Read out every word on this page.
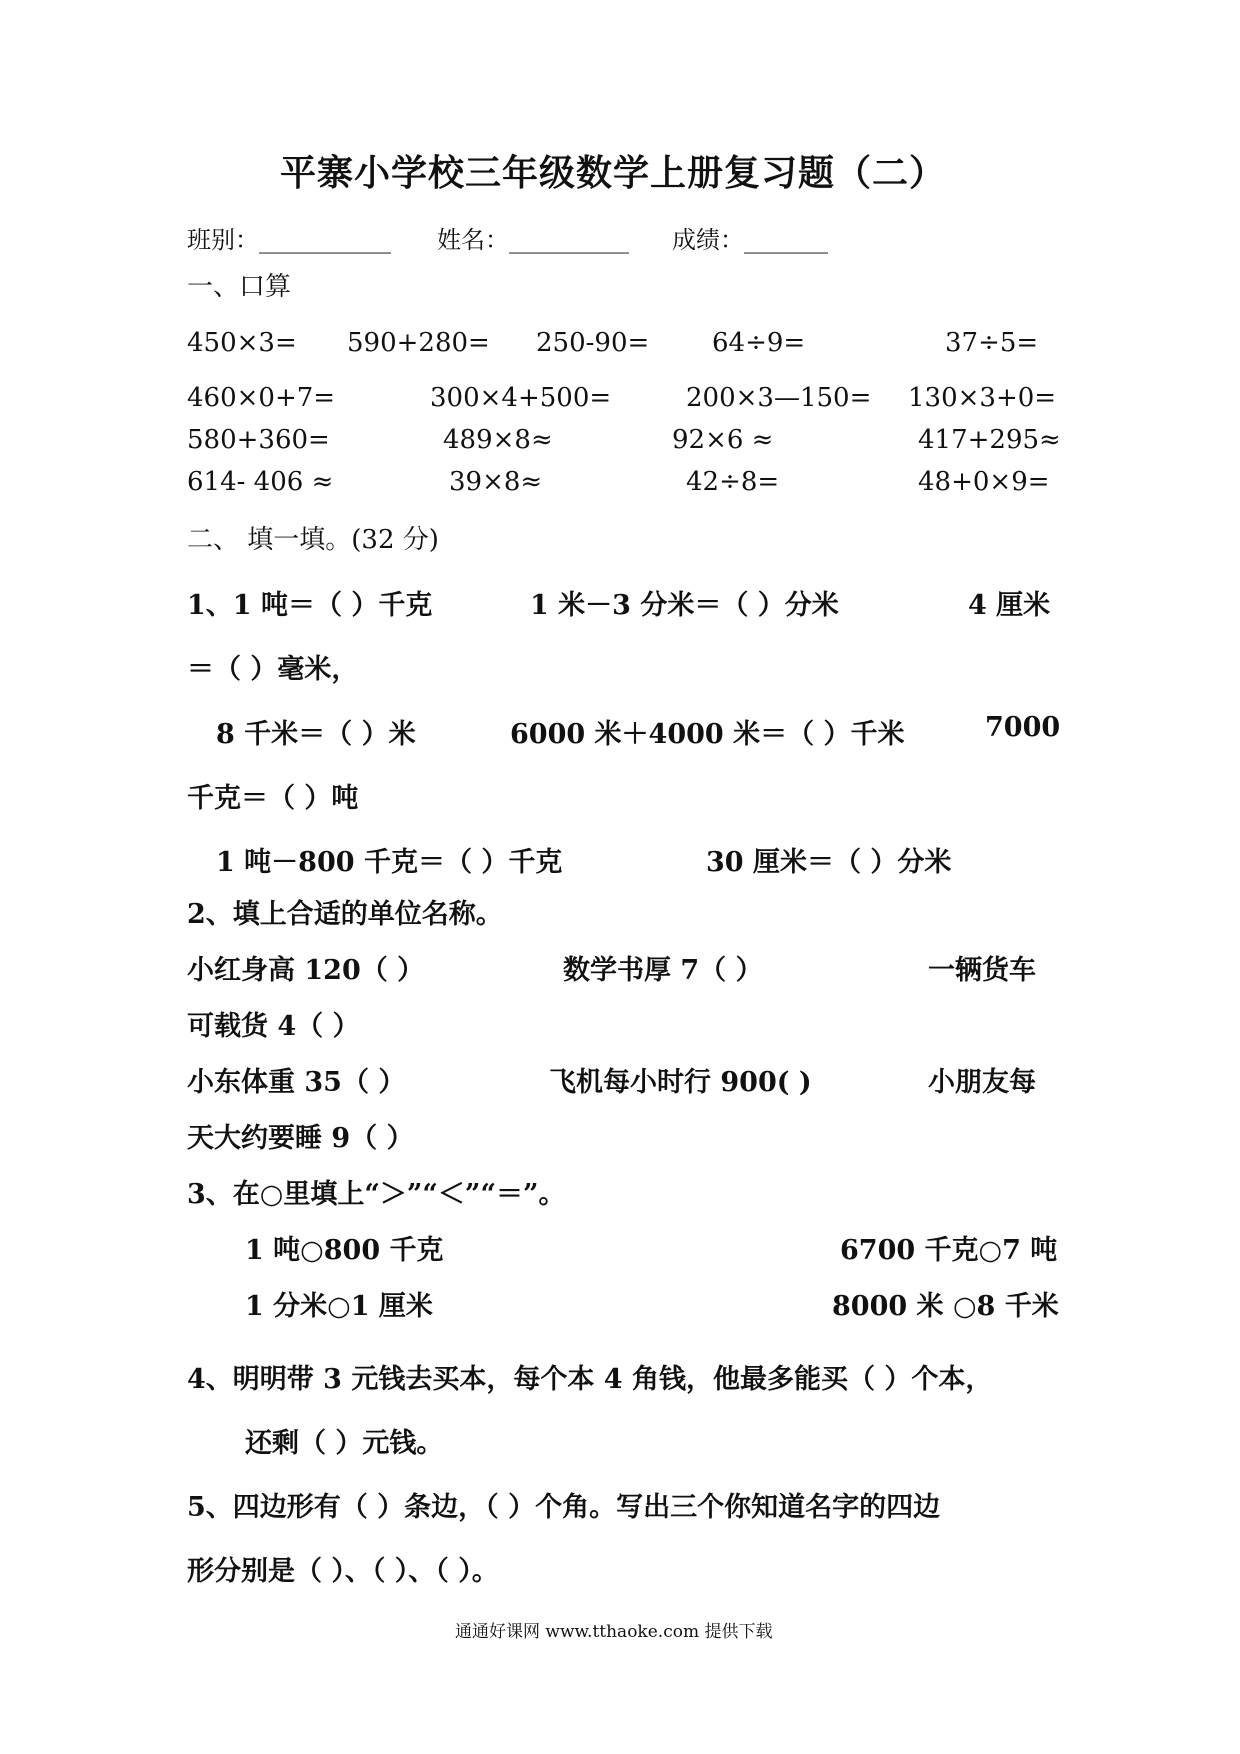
平寨小学校三年级数学上册复习题（二）
班别：___________ 姓名：__________ 成绩：_______
一、口算
450×3= 590+280= 250-90= 64÷9=	37÷5=
460×0+7=	300×4+500=	200×3—150= 130×3+0=
580+360=	489×8≈	92×6 ≈	417+295≈
614- 406 ≈	39×8≈	42÷8=	48+0×9=
二、 填一填。(32 分)
1、1 吨＝（ ）千克	1 米－3 分米＝（ ）分米	4 厘米
＝（ ）毫米，
8 千米＝（ ）米	6000 米＋4000 米＝（ ）千米	7000
千克＝（ ）吨
1 吨－800 千克＝（ ）千克	30 厘米＝（ ）分米
2、填上合适的单位名称。
小红身高 120（ ）	数学书厚 7（ ）	一辆货车
可载货 4（ ）
小东体重 35（ ）	飞机每小时行 900( )	小朋友每
天大约要睡 9（ ）
3、在○里填上“＞”“＜”“＝”。
1 吨○800 千克	6700 千克○7 吨
1 分米○1 厘米	8000 米 ○8 千米
4、明明带 3 元钱去买本，每个本 4 角钱，他最多能买（ ）个本，
还剩（ ）元钱。
5、四边形有（ ）条边，（ ）个角。写出三个你知道名字的四边
形分别是（ ）、（ ）、（ ）。
通通好课网 www.tthaoke.com 提供下载
